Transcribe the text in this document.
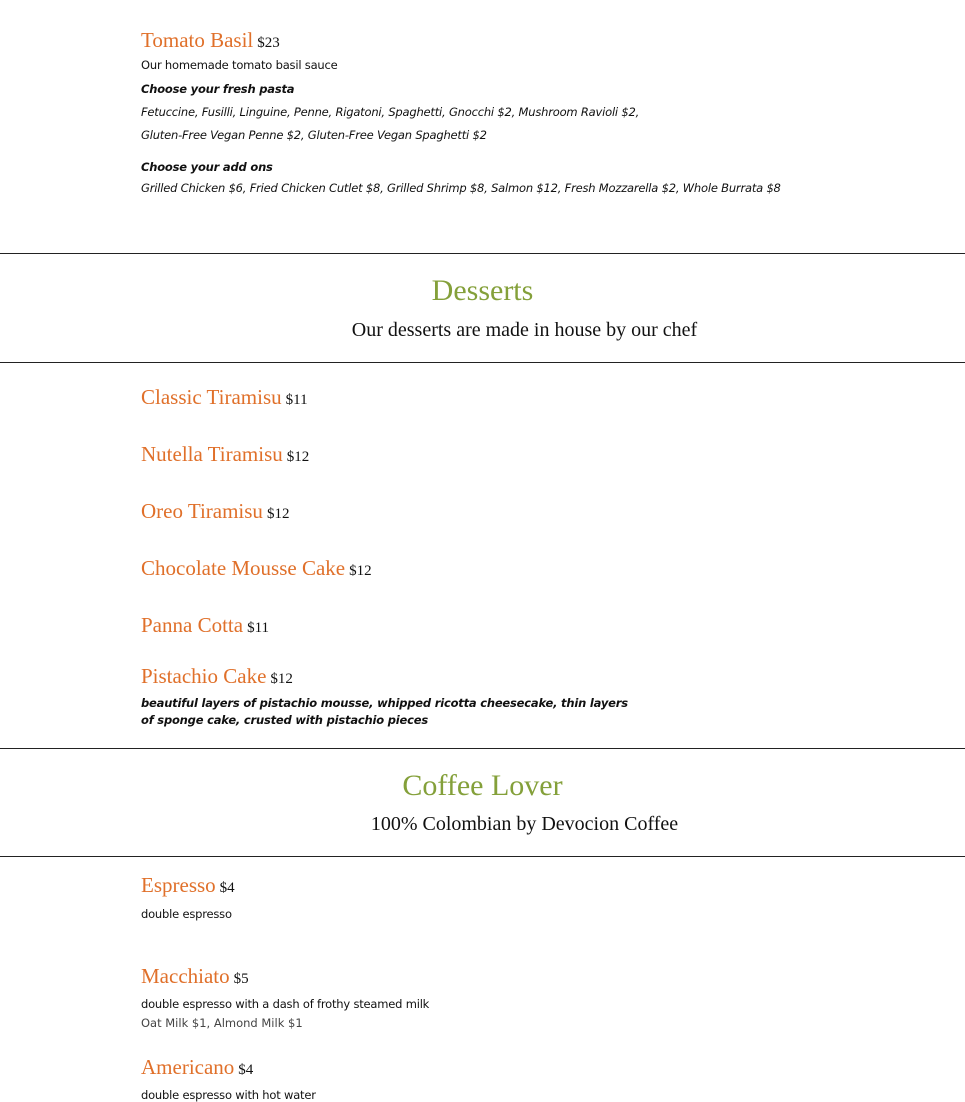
Tomato Basil $23
Our homemade tomato basil sauce
Choose your fresh pasta
Fetuccine, Fusilli, Linguine, Penne, Rigatoni, Spaghetti, Gnocchi $2, Mushroom Ravioli $2,
Gluten-Free Vegan Penne $2, Gluten-Free Vegan Spaghetti $2
Choose your add ons
Grilled Chicken $6, Fried Chicken Cutlet $8, Grilled Shrimp $8, Salmon $12, Fresh Mozzarella $2, Whole Burrata $8
Desserts
Our desserts are made in house by our chef
Classic Tiramisu $11
Nutella Tiramisu $12
Oreo Tiramisu $12
Chocolate Mousse Cake $12
Panna Cotta $11
Pistachio Cake $12
beautiful layers of pistachio mousse, whipped ricotta cheesecake, thin layers
of sponge cake, crusted with pistachio pieces
Coffee Lover
100% Colombian by Devocion Coffee
Espresso $4
double espresso
Macchiato $5
double espresso with a dash of frothy steamed milk
Oat Milk $1, Almond Milk $1
Americano $4
double espresso with hot water
